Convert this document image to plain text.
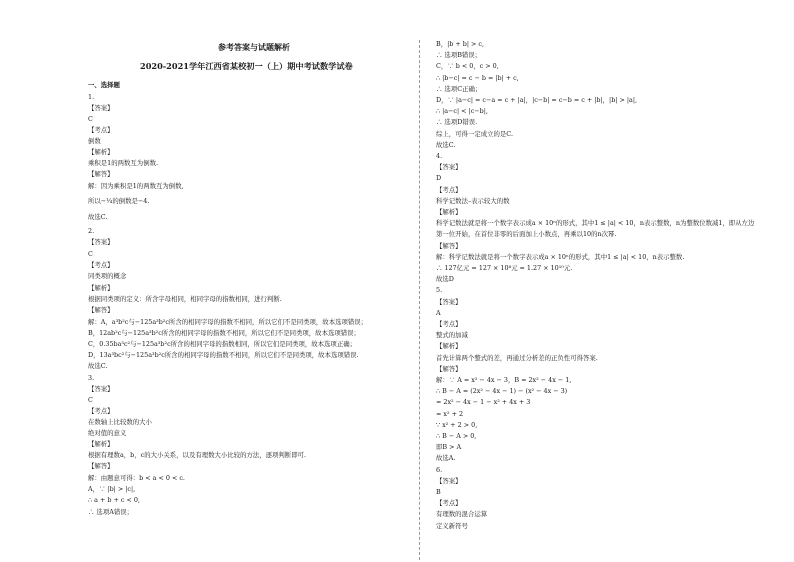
参考答案与试题解析
2020-2021学年江西省某校初一（上）期中考试数学试卷
一、选择题
1.
【答案】
C
【考点】
倒数
【解析】
乘积是1的两数互为倒数.
【解答】
解：因为乘积是1的两数互为倒数,
所以−¼的倒数是−4.
故选C.
2.
【答案】
C
【考点】
同类项的概念
【解析】
根据同类项的定义：所含字母相同，相同字母的指数相同，进行判断.
【解答】
解：A，a³b²c与−125a³b²c所含的相同字母的指数不相同，所以它们不是同类项，故本选项错误；
B，12ab²c与−125a³b²c所含的相同字母的指数不相同，所以它们不是同类项，故本选项错误；
C，0.35ba³c²与−125a³b²c所含的相同字母的指数相同，所以它们是同类项，故本选项正确；
D，13a³bc²与−125a³b²c所含的相同字母的指数不相同，所以它们不是同类项，故本选项错误.
故选C.
3.
【答案】
C
【考点】
在数轴上比较数的大小
绝对值的意义
【解析】
根据有理数a，b，c的大小关系，以及有理数大小比较的方法，逐项判断即可.
【解答】
解：由题意可得：b < a < 0 < c.
A，∵ |b| > |c|,
∴ a + b + c < 0,
∴ 选项A错误；
B，|b + b| > c,
∴ 选项B错误；
C，∵ b < 0，c > 0,
∴ |b−c| = c − b = |b| + c,
∴ 选项C正确；
D，∵ |a−c| = c−a = c + |a|，|c−b| = c−b = c + |b|，|b| > |a|,
∴ |a−c| < |c−b|,
∴ 选项D错误.
综上，可得一定成立的是C.
故选C.
4.
【答案】
D
【考点】
科学记数法–表示较大的数
【解析】
科学记数法就是将一个数字表示成a × 10ⁿ的形式，其中1 ≤ |a| < 10，n表示整数，n为整数位数减1，即从左边
第一位开始，在首位非零的后面加上小数点，再乘以10的n次幂.
【解答】
解：科学记数法就是将一个数字表示成a × 10ⁿ的形式，其中1 ≤ |a| < 10，n表示整数.
∴ 127亿元 = 127 × 10⁸元 = 1.27 × 10¹⁰元.
故选D
5.
【答案】
A
【考点】
整式的加减
【解析】
首先计算两个整式的差，再通过分析差的正负性可得答案.
【解答】
解：∵ A = x² − 4x − 3，B = 2x² − 4x − 1,
∴ B − A = (2x² − 4x − 1) − (x² − 4x − 3)
= 2x² − 4x − 1 − x² + 4x + 3
= x² + 2
∵ x² + 2 > 0,
∴ B − A > 0,
即B > A
故选A.
6.
【答案】
B
【考点】
有理数的混合运算
定义新符号
